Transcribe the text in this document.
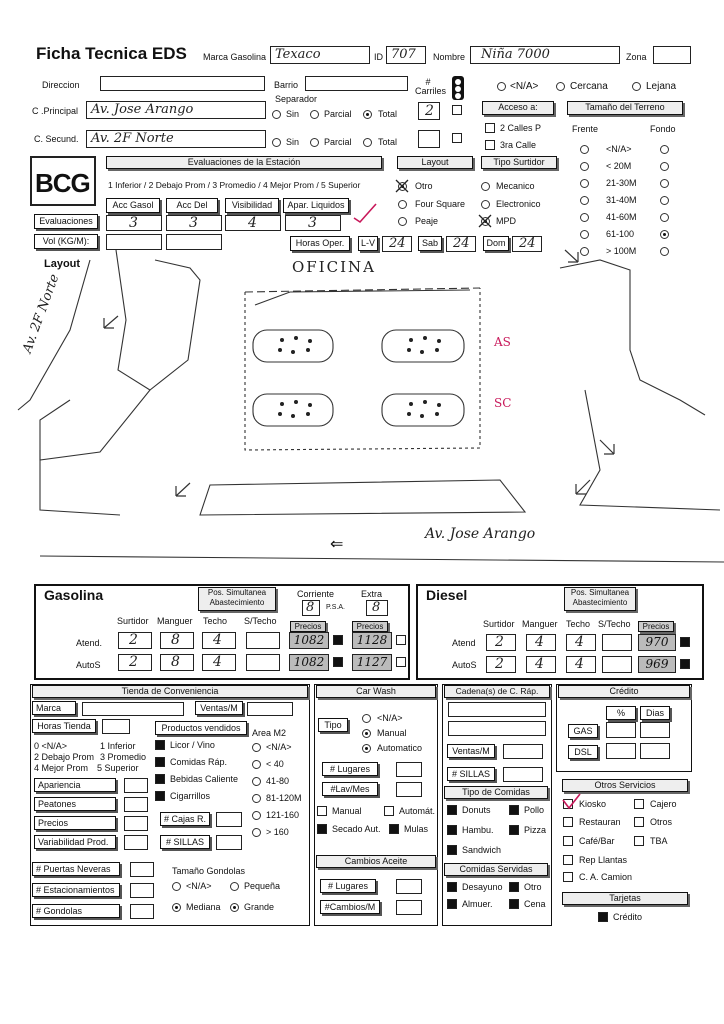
Ficha Tecnica EDS Marca Gasolina Texaco	ID 707 Nombre Niña 7000	Zona
Direccion	Barrio
Separador
# Carriles	<N/A>	Cercana	Lejana
C .Principal Av. Jose Arango	Sin	Parcial	Total 2
C. Secund. Av. 2F Norte	Sin	Parcial	Total
Acceso a:
2 Calles P
3ra Calle
Tamaño del Terreno
Frente	Fondo
<N/A>
< 20M
21-30M
31-40M
41-60M
61-100
> 100M
BCG
Evaluaciones de la Estación
1 Inferior / 2 Debajo Prom / 3 Promedio / 4 Mejor Prom / 5 Superior
Acc Gasol	Acc Del	Visibilidad	Apar. Liquidos
Evaluaciones	3	3	4	3
Vol (KG/M):
Layout
Otro
Four Square
Peaje
Tipo Surtidor
Mecanico
Electronico
MPD
Horas Oper.	L-V 24	Sab	24	Dom 24
Layout	OFICINA
Av. 2F Norte
Av. Jose Arango
AS
SC
⇐
Gasolina	Pos. Simultanea Abastecimiento
Corriente	Extra
8 P.S.A. 8
Surtidor Manguer Techo S/Techo
Precios	Precios
Atend. 2 8 4	1082	1128
AutoS 2 8 4	1082	1127
Diesel	Pos. Simultanea Abastecimiento
Surtidor Manguer Techo S/Techo	Precios
Atend 2 4 4	970
AutoS 2 4 4	969
Tienda de Conveniencia
Marca	Ventas/M
Horas Tienda
0 <N/A>	1 Inferior
2 Debajo Prom 3 Promedio
4 Mejor Prom 5 Superior
Productos vendidos	Area M2
Licor / Vino
Comidas Ráp.
Bebidas Caliente
Cigarrillos
<N/A>
< 40
41-80
81-120M
121-160
> 160
Apariencia
Peatones
Precios
Variabilidad Prod.
# Cajas R.
# SILLAS
# Puertas Neveras
# Estacionamientos
# Gondolas
Tamaño Gondolas
<N/A>	Pequeña
Mediana	Grande
Car Wash
Tipo
<N/A>
Manual
Automatico
# Lugares
#Lav/Mes
Manual	Automát.
Secado Aut.	Mulas
Cambios Aceite
# Lugares
#Cambios/M
Cadena(s) de C. Ráp.
Ventas/M
# SILLAS
Tipo de Comidas
Donuts	Pollo
Hambu.	Pizza
Sandwich
Comidas Servidas
Desayuno Otro
Almuer.	Cena
Crédito
%	Dias
GAS
DSL
Otros Servicios
Kiosko	Cajero
Restauran	Otros
Café/Bar	TBA
Rep Llantas
C. A. Camion
Tarjetas
Crédito
